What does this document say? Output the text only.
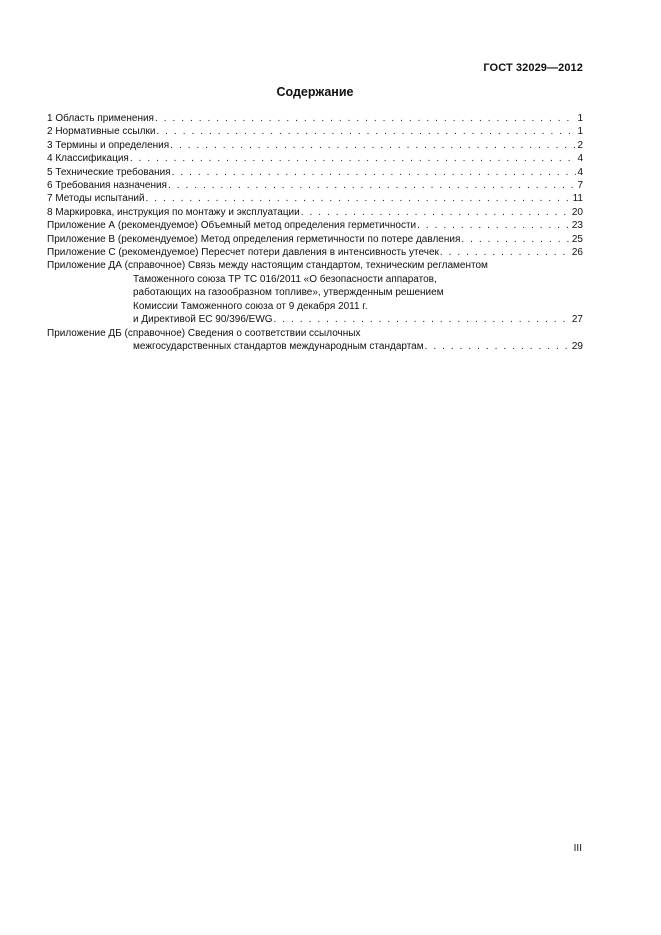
ГОСТ 32029—2012
Содержание
1 Область применения . . .	1
2 Нормативные ссылки . . .	1
3 Термины и определения . . .	2
4 Классификация . . .	4
5 Технические требования . . .	4
6 Требования назначения . . .	7
7 Методы испытаний . . .	11
8 Маркировка, инструкция по монтажу и эксплуатации . . .	20
Приложение А (рекомендуемое) Объемный метод определения герметичности . . .	23
Приложение В (рекомендуемое) Метод определения герметичности по потере давления . . .	25
Приложение С (рекомендуемое) Пересчет потери давления в интенсивность утечек . . .	26
Приложение ДА (справочное) Связь между настоящим стандартом, техническим регламентом
Таможенного союза ТР ТС 016/2011 «О безопасности аппаратов,
работающих на газообразном топливе», утвержденным решением
Комиссии Таможенного союза от 9 декабря 2011 г.
и Директивой ЕС 90/396/EWG . . .	27
Приложение ДБ (справочное) Сведения о соответствии ссылочных
межгосударственных стандартов международным стандартам . . .	29
III
